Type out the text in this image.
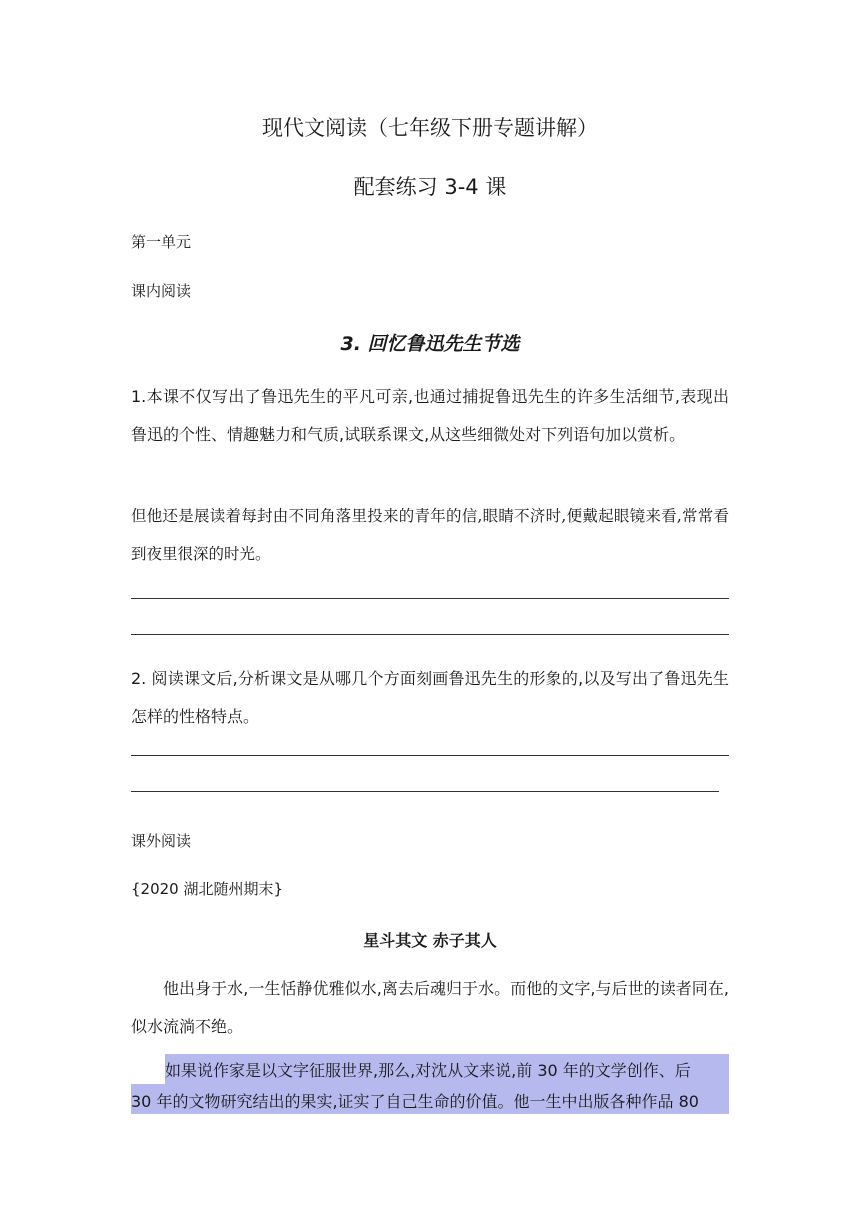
现代文阅读（七年级下册专题讲解）
配套练习 3-4 课
第一单元
课内阅读
3. 回忆鲁迅先生节选
1.本课不仅写出了鲁迅先生的平凡可亲,也通过捕捉鲁迅先生的许多生活细节,表现出鲁迅的个性、情趣魅力和气质,试联系课文,从这些细微处对下列语句加以赏析。
但他还是展读着每封由不同角落里投来的青年的信,眼睛不济时,便戴起眼镜来看,常常看到夜里很深的时光。
2. 阅读课文后,分析课文是从哪几个方面刻画鲁迅先生的形象的,以及写出了鲁迅先生怎样的性格特点。
课外阅读
{2020 湖北随州期末}
星斗其文 赤子其人
他出身于水,一生恬静优雅似水,离去后魂归于水。而他的文字,与后世的读者同在,似水流淌不绝。
如果说作家是以文字征服世界,那么,对沈从文来说,前 30 年的文学创作、后
30 年的文物研究结出的果实,证实了自己生命的价值。他一生中出版各种作品 80
